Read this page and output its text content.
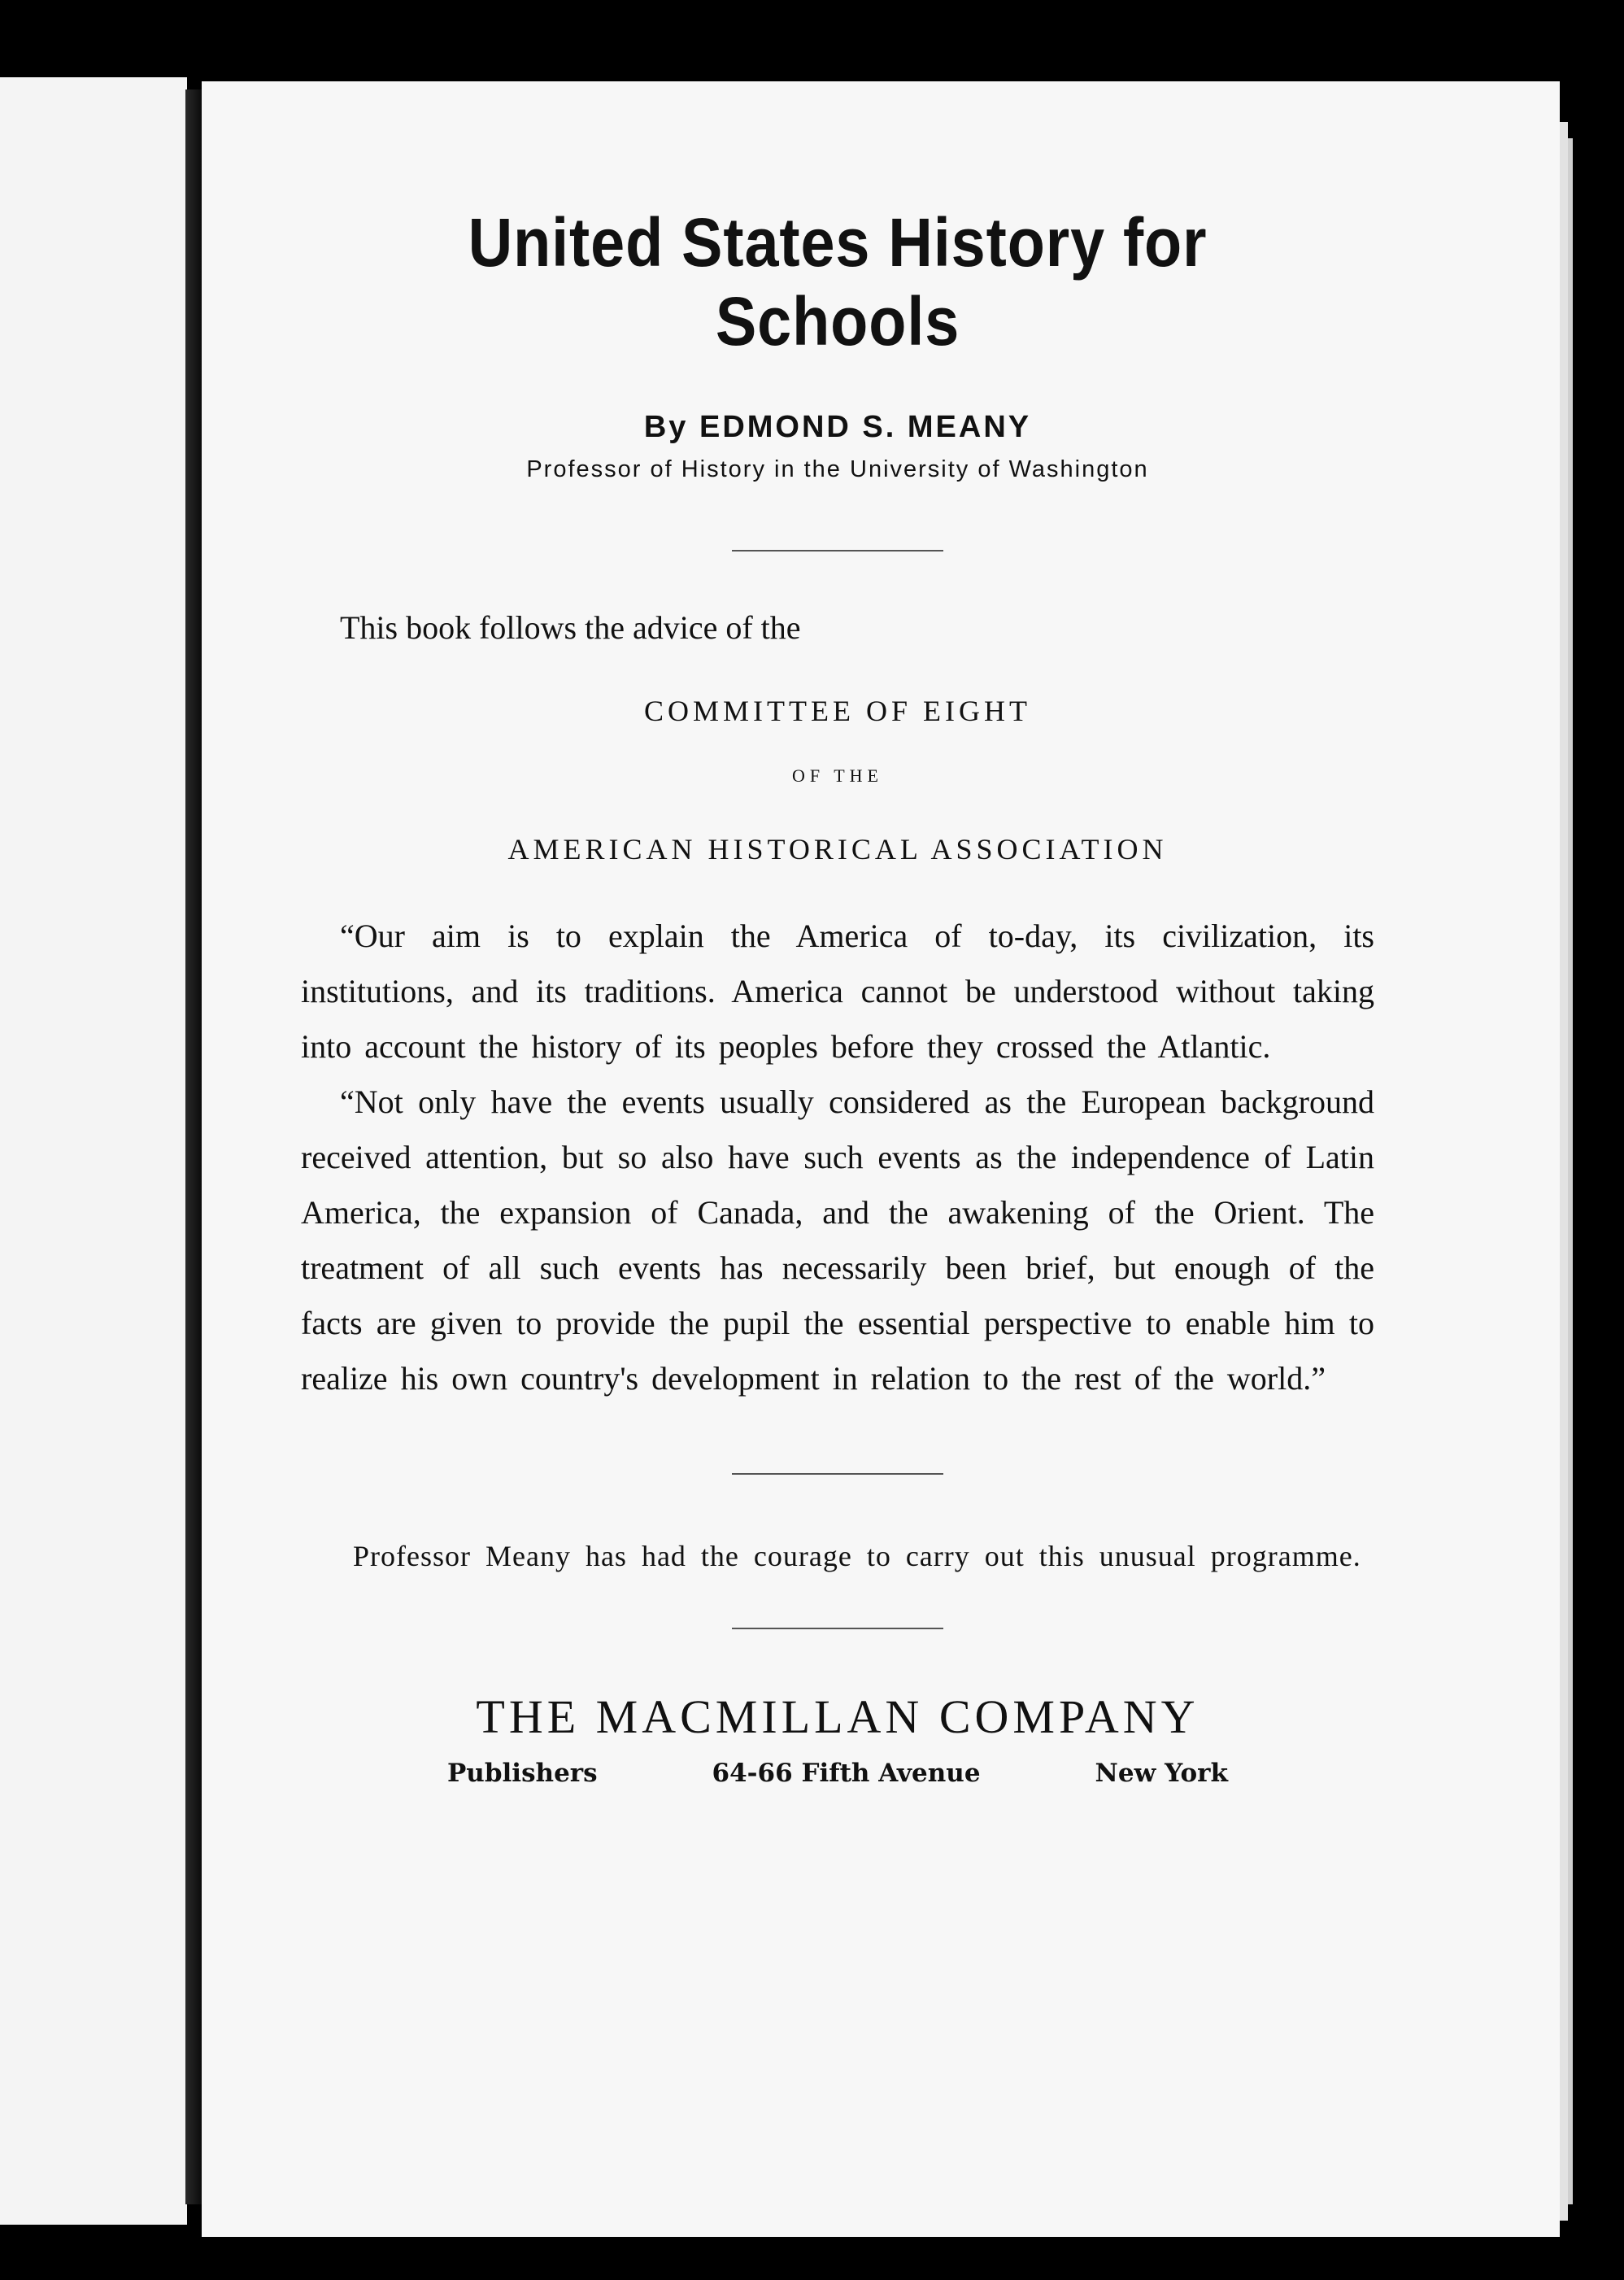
United States History for Schools
By EDMOND S. MEANY
Professor of History in the University of Washington
This book follows the advice of the
COMMITTEE OF EIGHT
OF THE
AMERICAN HISTORICAL ASSOCIATION

“Our aim is to explain the America of to-day, its civilization, its institutions, and its traditions. America cannot be understood without taking into account the history of its peoples before they crossed the Atlantic.

“Not only have the events usually considered as the European background received attention, but so also have such events as the independence of Latin America, the expansion of Canada, and the awakening of the Orient. The treatment of all such events has necessarily been brief, but enough of the facts are given to provide the pupil the essential perspective to enable him to realize his own country's development in relation to the rest of the world.”

Professor Meany has had the courage to carry out this unusual programme.
THE MACMILLAN COMPANY
Publishers	64-66 Fifth Avenue	New York
